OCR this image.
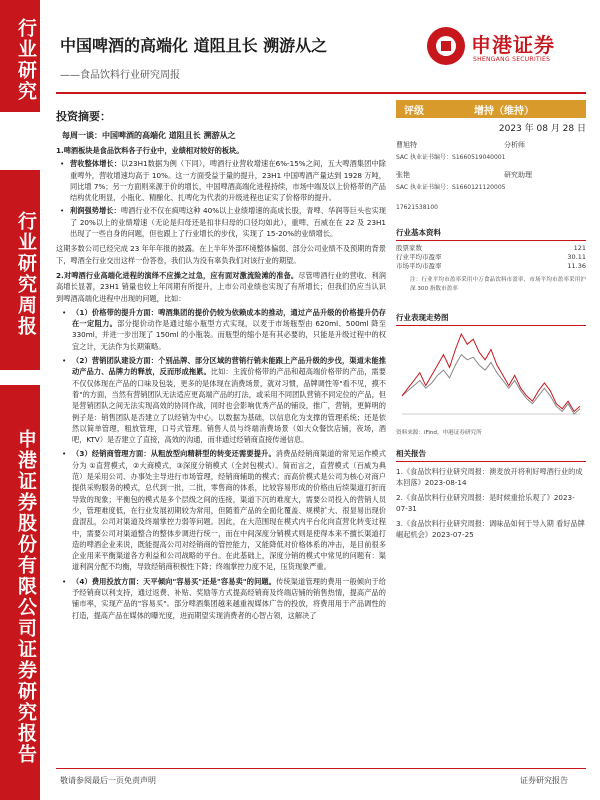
行业研究
行业研究周报
申港证券股份有限公司证券研究报告
中国啤酒的高端化 道阻且长 溯游从之
——食品饮料行业研究周报
申港证券
SHENGANG SECURITIES
投资摘要：
每周一谈：中国啤酒的高端化 道阻且长 溯游从之
1.啤酒板块是食品饮料各子行业中，业绩相对较好的板块。
• 营收整体增长：以23H1数据为例（下同），啤酒行业营收增速在6%-15%之间，五大啤酒集团中除重啤外，营收增速均高于 10%。这一方面受益于量的提升，23H1 中国啤酒产量达到 1928 万吨，同比增 7%；另一方面则来源于价的增长，中国啤酒高端化进程持续，市场中端及以上价格带的产品结构优化明显，小瓶化、精酿化、扎啤化为代表的升级进程也证实了价格带的提升。
• 利润强势增长：啤酒行业不仅在疯啤这种 40%以上业绩增速的高成长股，青啤、华润等巨头也实现了 20%以上的业绩增速（无论是归母还是扣非归母的口径均如此），重啤、百威在在 22 及 23H1 出现了一些自身的问题，但也跟上了行业增长的步伐，实现了 15-20%的业绩增长。
这期多数公司已经完成 23 年年年报的披露。在上半年外部环境整体偏弱、部分公司业绩不及预期的背景下，啤酒全行业交出这样一份答卷，我们认为没有辜负我们对该行业的期望。
2.对啤酒行业高端化进程的演绎不应操之过急，应有面对激流险滩的准备。尽管啤酒行业的营收、利润高增长显著，23H1 销量也较上年同期有所提升，上市公司业绩也实现了有所增长；但我们仍应当认识到啤酒高端化进程中出现的问题，比如：
• （1）价格带的提升方面：啤酒集团的提价仍较为依赖成本的推动，通过产品升级的价格提升仍存在一定阻力。部分提价动作是通过缩小瓶型方式实现，以麦于市场瓶型由 620ml、500ml 降至 330ml，并进一步出现了 150ml 的小瓶装。而瓶型的缩小是有其必要的，只能是升级过程中的权宜之计，无法作为长期策略。
• （2）营销团队建设方面：个别品牌、部分区域的营销行销未能跟上产品升级的步伐，渠道未能推动产品力、品牌力的释放，反而形成拖累。比如：主流价格带的产品和超高端价格带的产品，需要不仅仅体现在产品的口味及包装，更多的是体现在消费场景，就对习惯，品牌调性等"看不见，摸不着"的方面，当然有营销团队无法适应更高端产品的打法，或采用不同团队营销不同定位的产品，但是营销团队之间无法实现高效的协同作战，同时也会影响优秀产品的铺设，推广，营销，更鲜明的例子是：销售团队是否建立了以经销为中心，以数据为基础，以信息化为支撑的管理系统；还是依然以简单管理，粗放管理，口号式管理。销售人员与终端消费场景（如大众餐饮店铺，夜场，酒吧，KTV）是否建立了直接，高效的沟通，而非通过经销商直接传递信息。
• （3）经销商管理方面：从粗放型向精耕型的转变还需要提升。消费品经销商渠道的常见运作模式分为 ①直营模式，②大商模式，③深度分销模式（全封包模式）。简而言之，直营模式（百威为典范）是采用公司、办事处主导进行市场管理，经销商辅助的模式；而高价模式是公司为核心对商户提供采购服务的模式，总代到一批，二批，零售商的体系，比较容易形成的价格由后续渠道打折而导致的现象；平衡包的模式是多个层级之间的连接，渠道下沉的难度大，需要公司投入的营销人员少，管理难度低，在行业发展初期较为常用，但随着产品的全面化覆盖、规模扩大、很显易出现价盘混乱，公司对渠道及终端掌控力弱等问题。因此，在大范围现在模式内平台化向直营化转变过程中，需要公司对渠道整合的整体步调进行统一，而在中间深度分销模式则是使得本来不擅长渠道打造的啤酒企业来说，既能提高公司对经销商的管控能力，又能降低对价格体系的冲击，是目前很多企业用来平衡渠道各方利益和公司战略的平台。在此基础上，深度分销的模式中常见的问题有：渠道利润分配不均衡，导致经销商积极性下降；终端掌控力度不足，压货现象严重。
• （4）费用投放方面：天平倾向"容易买"还是"容易卖"的问题。传统渠道管理的费用一般倾向于给予经销商以利支持，通过返费、补贴、奖励等方式提高经销商及终端店铺的销售热情，提高产品的铺市率，实现产品的"容易买"。部分啤酒集团越来越重视媒体广告的投放，将费用用于产品调性的打造，提高产品在媒体的曝光度，进而期望实现消费者的心智占领，这解决了
评级	增持（维持）
2023 年 08 月 28 日
曹旭特	分析师
SAC 执业证书编号：S1660519040001
张艳	研究助理
SAC 执业证书编号：S1660121120005
17621538100
行业基本资料
股票家数	121
行业平均市盈率	30.11
市场平均市盈率	11.36
注：行业平均市盈率采用中万食品饮料市盈率，市场平均市盈率采用沪深 300 指数市盈率
行业表现走势图
资料来源：iFind，申港证券研究所
相关报告
1.《食品饮料行业研究周报：澳麦放开将利好啤酒行业的成本回落》2023-08-14
2.《食品饮料行业研究周报：是时候重拾乐观了》2023-07-31
3.《食品饮料行业研究周报：调味品如何于导入期 看好品牌崛起机会》2023-07-25
敬请参阅最后一页免责声明	证券研究报告
